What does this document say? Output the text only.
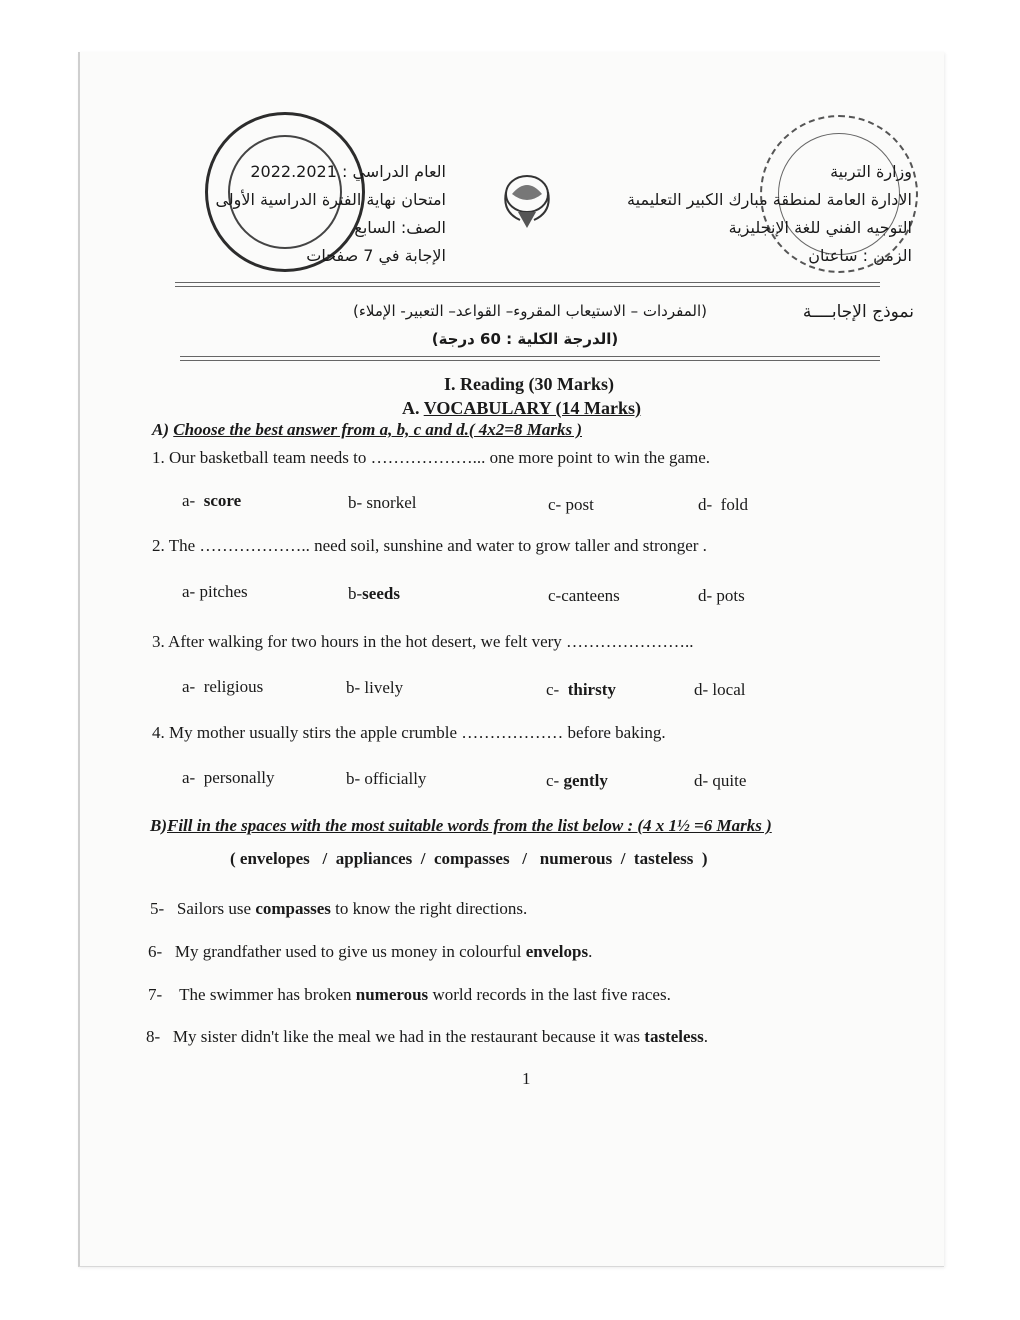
العام الدراسي : 2022.2021
امتحان نهاية الفترة الدراسية الأولى
الصف: السابع
الإجابة في 7 صفحات
وزارة التربية
الادارة العامة لمنطقة مبارك الكبير التعليمية
التوجيه الفني للغة الإنجليزية
الزمن : ساعتان
نموذج الإجابــــة
(المفردات – الاستيعاب المقروء– القواعد– التعبير- الإملاء)
(الدرجة الكلية : 60 درجة)
I. Reading (30 Marks)
A. VOCABULARY (14 Marks)
A) Choose the best answer from a, b, c and d.( 4x2=8 Marks )
1. Our basketball team needs to ………………... one more point to win the game.
a- score	b- snorkel	c- post	d- fold
2. The ……………….. need soil, sunshine and water to grow taller and stronger .
a- pitches	b-seeds	c-canteens	d- pots
3. After walking for two hours in the hot desert, we felt very …………………..
a- religious	b- lively	c- thirsty	d- local
4. My mother usually stirs the apple crumble ……………… before baking.
a- personally	b- officially	c- gently	d- quite
B)Fill in the spaces with the most suitable words from the list below : (4 x 1½ =6 Marks )
( envelopes   /  appliances  /  compasses   /   numerous  /  tasteless  )
5- Sailors use compasses to know the right directions.
6- My grandfather used to give us money in colourful envelops.
7- The swimmer has broken numerous world records in the last five races.
8- My sister didn't like the meal we had in the restaurant because it was tasteless.
1
